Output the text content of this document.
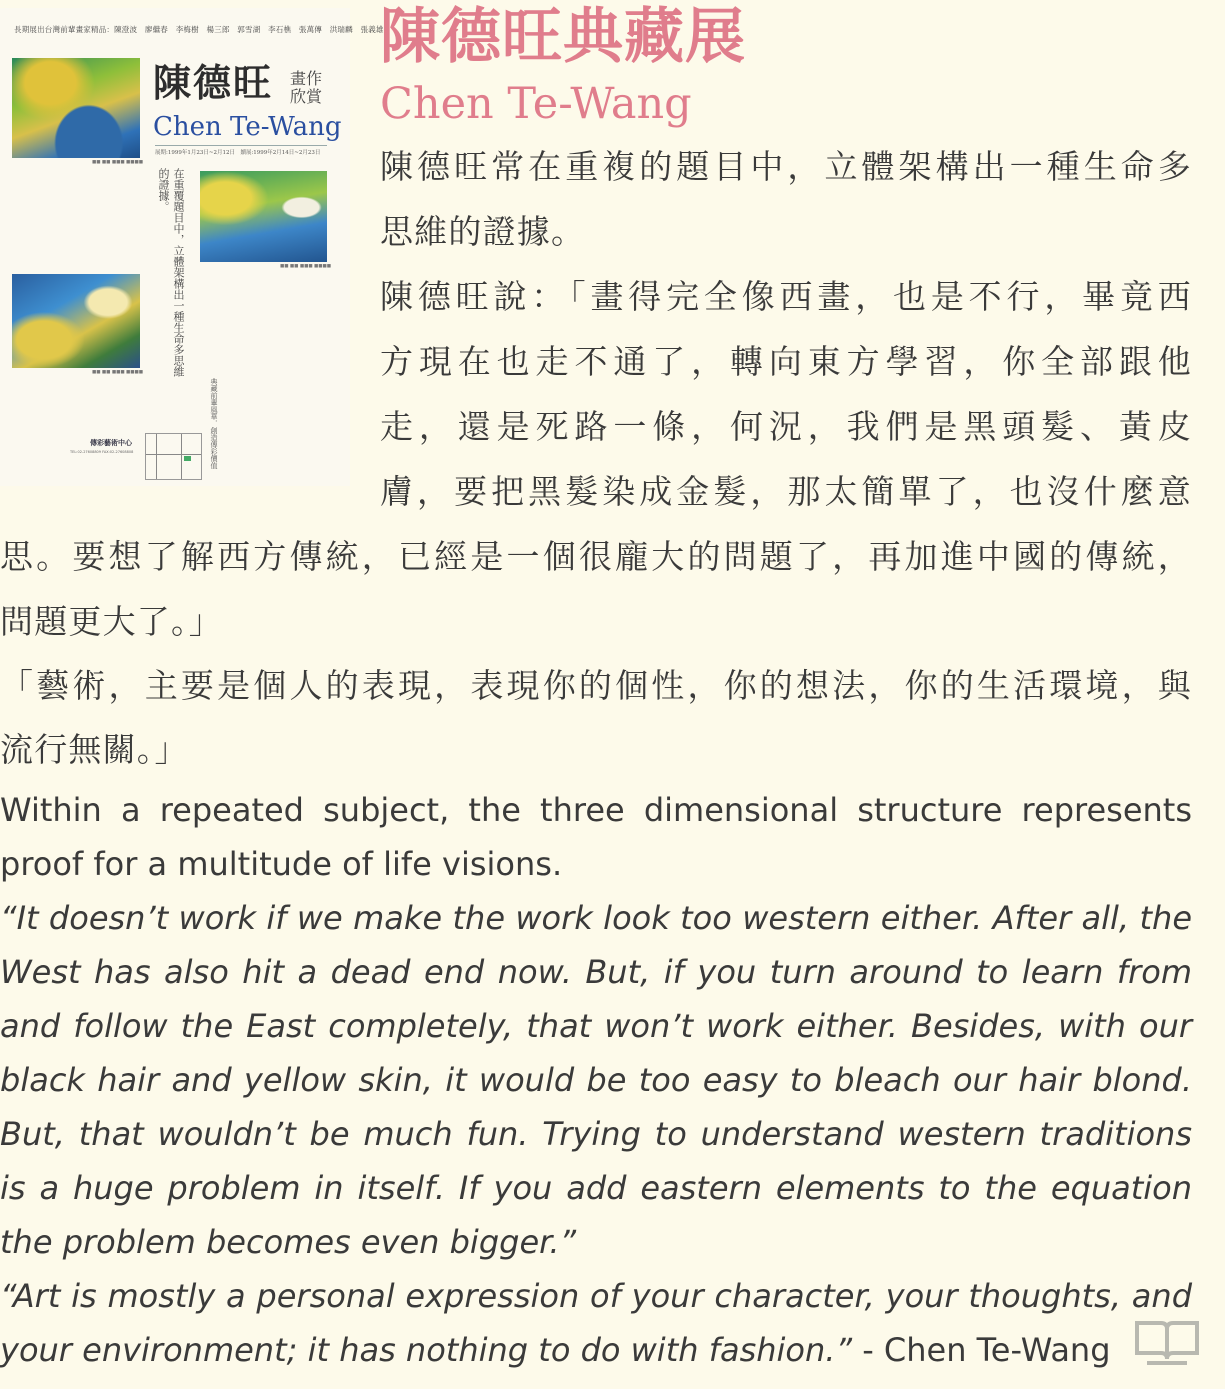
長期展出台灣前輩畫家精品：陳澄波　廖繼春　李梅樹　楊三郎　郭雪湖　李石樵　張萬傳　洪瑞麟　張義雄
■■ ■■ ■■■ ■■■■
陳德旺 畫作欣賞
Chen Te-Wang
展期:1999年1月23日~2月12日　續展:1999年2月14日~2月23日
在重覆題目中，立體架構出一種生命多思維的證據。
■■ ■■ ■■■ ■■■■
■■ ■■ ■■■ ■■■■
典藏前輩風華．創造傳彩價值
傳彩藝術中心
TEL:02-27608809 FAX:02-27608808
陳德旺典藏展
Chen Te-Wang
陳德旺常在重複的題目中，立體架構出一種生命多
思維的證據。
陳德旺說：「畫得完全像西畫，也是不行，畢竟西
方現在也走不通了，轉向東方學習，你全部跟他
走，還是死路一條，何況，我們是黑頭髮、黃皮
膚，要把黑髮染成金髮，那太簡單了，也沒什麼意
思。要想了解西方傳統，已經是一個很龐大的問題了，再加進中國的傳統，
問題更大了。」
「藝術，主要是個人的表現，表現你的個性，你的想法，你的生活環境，與
流行無關。」
Within a repeated subject, the three dimensional structure represents
proof for a multitude of life visions.
“It doesn’t work if we make the work look too western either. After all, the
West has also hit a dead end now. But, if you turn around to learn from
and follow the East completely, that won’t work either. Besides, with our
black hair and yellow skin, it would be too easy to bleach our hair blond.
But, that wouldn’t be much fun. Trying to understand western traditions
is a huge problem in itself. If you add eastern elements to the equation
the problem becomes even bigger.”
“Art is mostly a personal expression of your character, your thoughts, and
your environment; it has nothing to do with fashion.” - Chen Te-Wang
